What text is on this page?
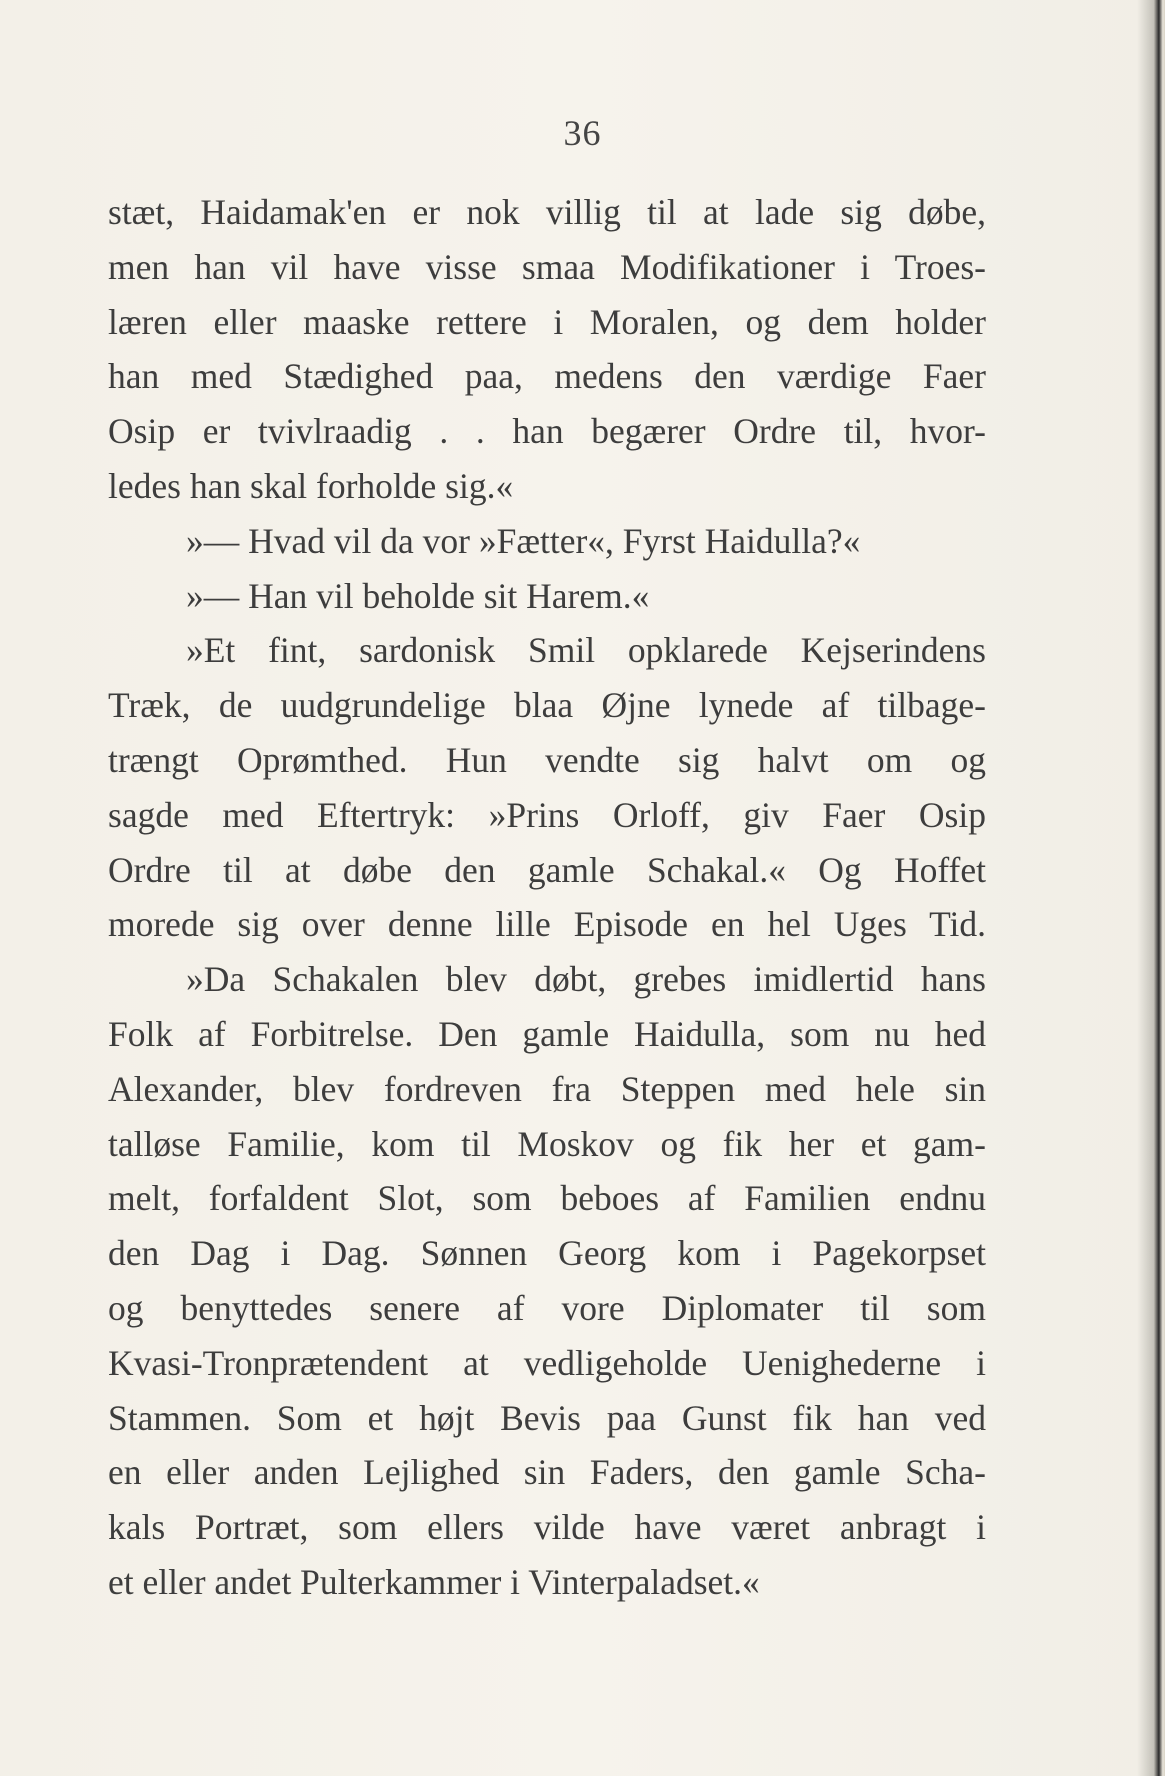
36
stæt, Haidamak'en er nok villig til at lade sig døbe,
men han vil have visse smaa Modifikationer i Troes-
læren eller maaske rettere i Moralen, og dem holder
han med Stædighed paa, medens den værdige Faer
Osip er tvivlraadig . . han begærer Ordre til, hvor-
ledes han skal forholde sig.«
»— Hvad vil da vor »Fætter«, Fyrst Haidulla?«
»— Han vil beholde sit Harem.«
»Et fint, sardonisk Smil opklarede Kejserindens
Træk, de uudgrundelige blaa Øjne lynede af tilbage-
trængt Oprømthed. Hun vendte sig halvt om og
sagde med Eftertryk: »Prins Orloff, giv Faer Osip
Ordre til at døbe den gamle Schakal.« Og Hoffet
morede sig over denne lille Episode en hel Uges Tid.
»Da Schakalen blev døbt, grebes imidlertid hans
Folk af Forbitrelse. Den gamle Haidulla, som nu hed
Alexander, blev fordreven fra Steppen med hele sin
talløse Familie, kom til Moskov og fik her et gam-
melt, forfaldent Slot, som beboes af Familien endnu
den Dag i Dag. Sønnen Georg kom i Pagekorpset
og benyttedes senere af vore Diplomater til som
Kvasi-Tronprætendent at vedligeholde Uenighederne i
Stammen. Som et højt Bevis paa Gunst fik han ved
en eller anden Lejlighed sin Faders, den gamle Scha-
kals Portræt, som ellers vilde have været anbragt i
et eller andet Pulterkammer i Vinterpaladset.«
